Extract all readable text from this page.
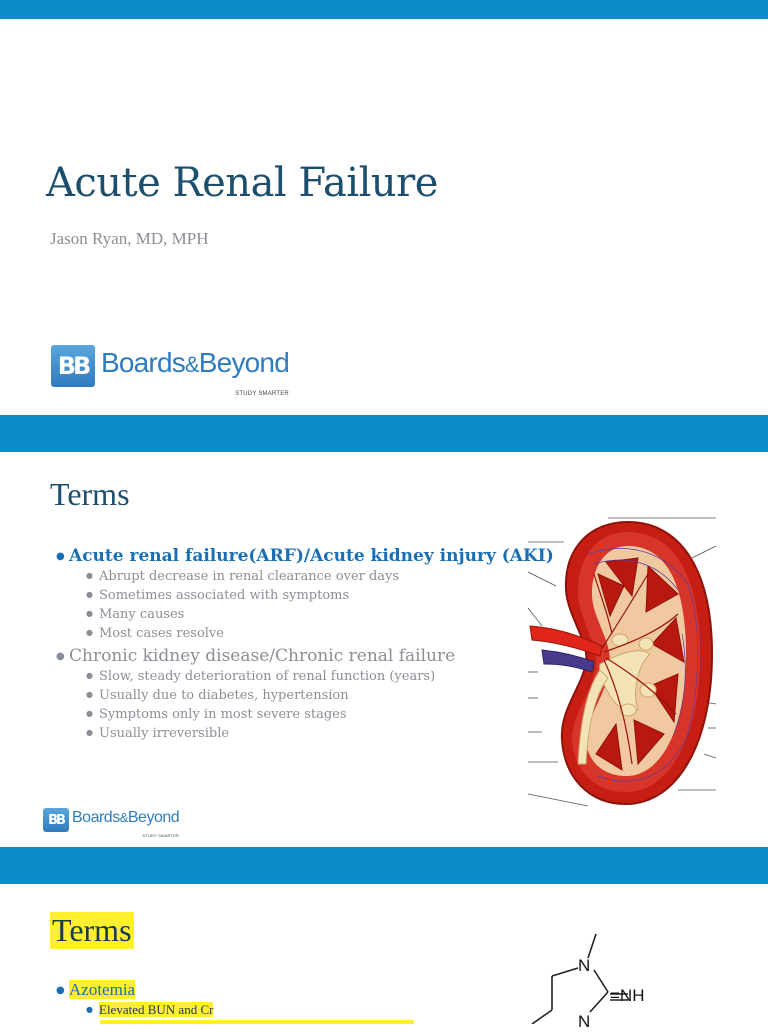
Acute Renal Failure
Jason Ryan, MD, MPH
BB Boards&Beyond
STUDY SMARTER
Terms
● Acute renal failure(ARF)/Acute kidney injury (AKI)
● Abrupt decrease in renal clearance over days
● Sometimes associated with symptoms
● Many causes
● Most cases resolve
● Chronic kidney disease/Chronic renal failure
● Slow, steady deterioration of renal function (years)
● Usually due to diabetes, hypertension
● Symptoms only in most severe stages
● Usually irreversible
BB Boards&Beyond
STUDY SMARTER
Terms
● Azotemia
● Elevated BUN and Cr
N
N
=NH
